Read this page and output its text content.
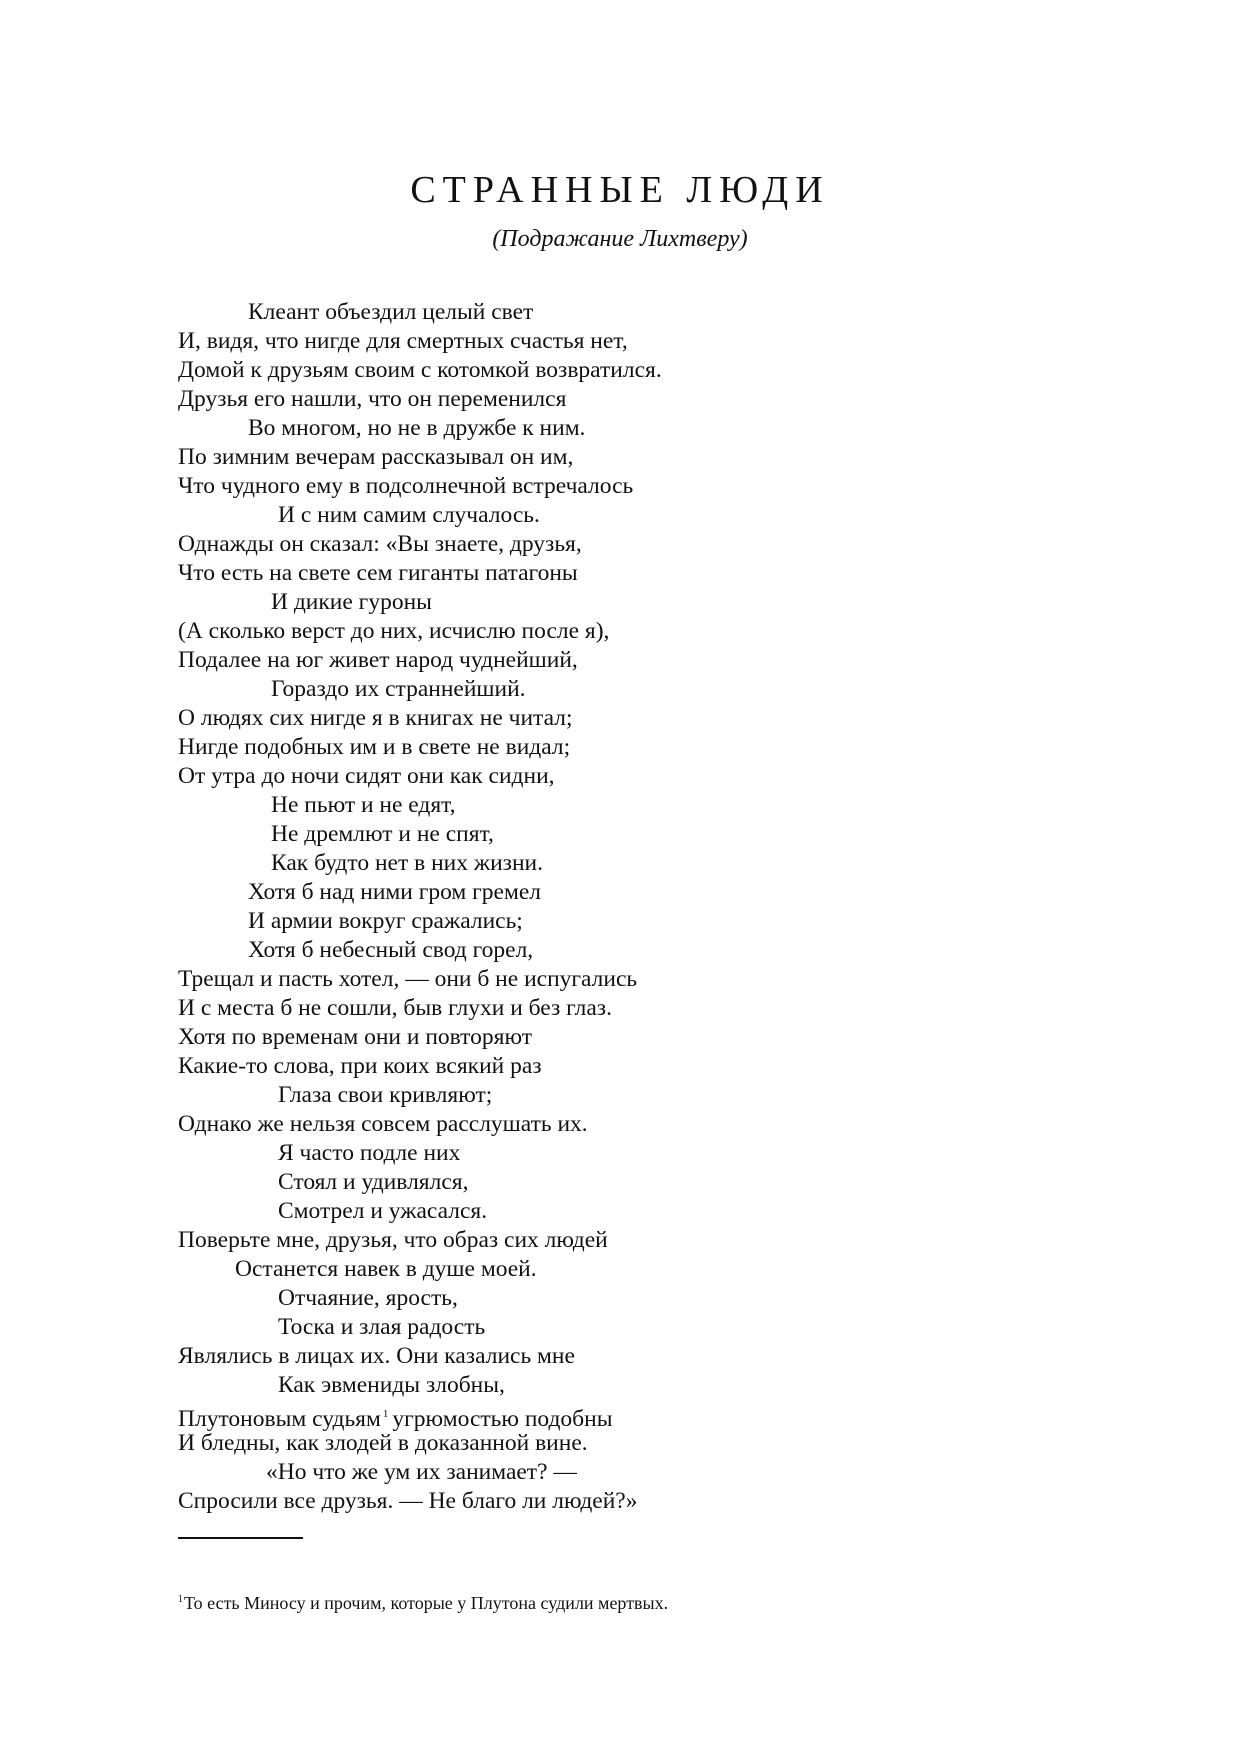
СТРАННЫЕ ЛЮДИ
(Подражание Лихтверу)
Клеант объездил целый свет
И, видя, что нигде для смертных счастья нет,
Домой к друзьям своим с котомкой возвратился.
Друзья его нашли, что он переменился
Во многом, но не в дружбе к ним.
По зимним вечерам рассказывал он им,
Что чудного ему в подсолнечной встречалось
И с ним самим случалось.
Однажды он сказал: «Вы знаете, друзья,
Что есть на свете сем гиганты патагоны
И дикие гуроны
(А сколько верст до них, исчислю после я),
Подалее на юг живет народ чуднейший,
Гораздо их страннейший.
О людях сих нигде я в книгах не читал;
Нигде подобных им и в свете не видал;
От утра до ночи сидят они как сидни,
Не пьют и не едят,
Не дремлют и не спят,
Как будто нет в них жизни.
Хотя б над ними гром гремел
И армии вокруг сражались;
Хотя б небесный свод горел,
Трещал и пасть хотел, — они б не испугались
И с места б не сошли, быв глухи и без глаз.
Хотя по временам они и повторяют
Какие-то слова, при коих всякий раз
Глаза свои кривляют;
Однако же нельзя совсем расслушать их.
Я часто подле них
Стоял и удивлялся,
Смотрел и ужасался.
Поверьте мне, друзья, что образ сих людей
Останется навек в душе моей.
Отчаяние, ярость,
Тоска и злая радость
Являлись в лицах их. Они казались мне
Как эвмениды злобны,
Плутоновым судьям $^1$ угрюмостью подобны
И бледны, как злодей в доказанной вине.
«Но что же ум их занимает? —
Спросили все друзья. — Не благо ли людей?»
$^1$То есть Миносу и прочим, которые у Плутона судили мертвых.
